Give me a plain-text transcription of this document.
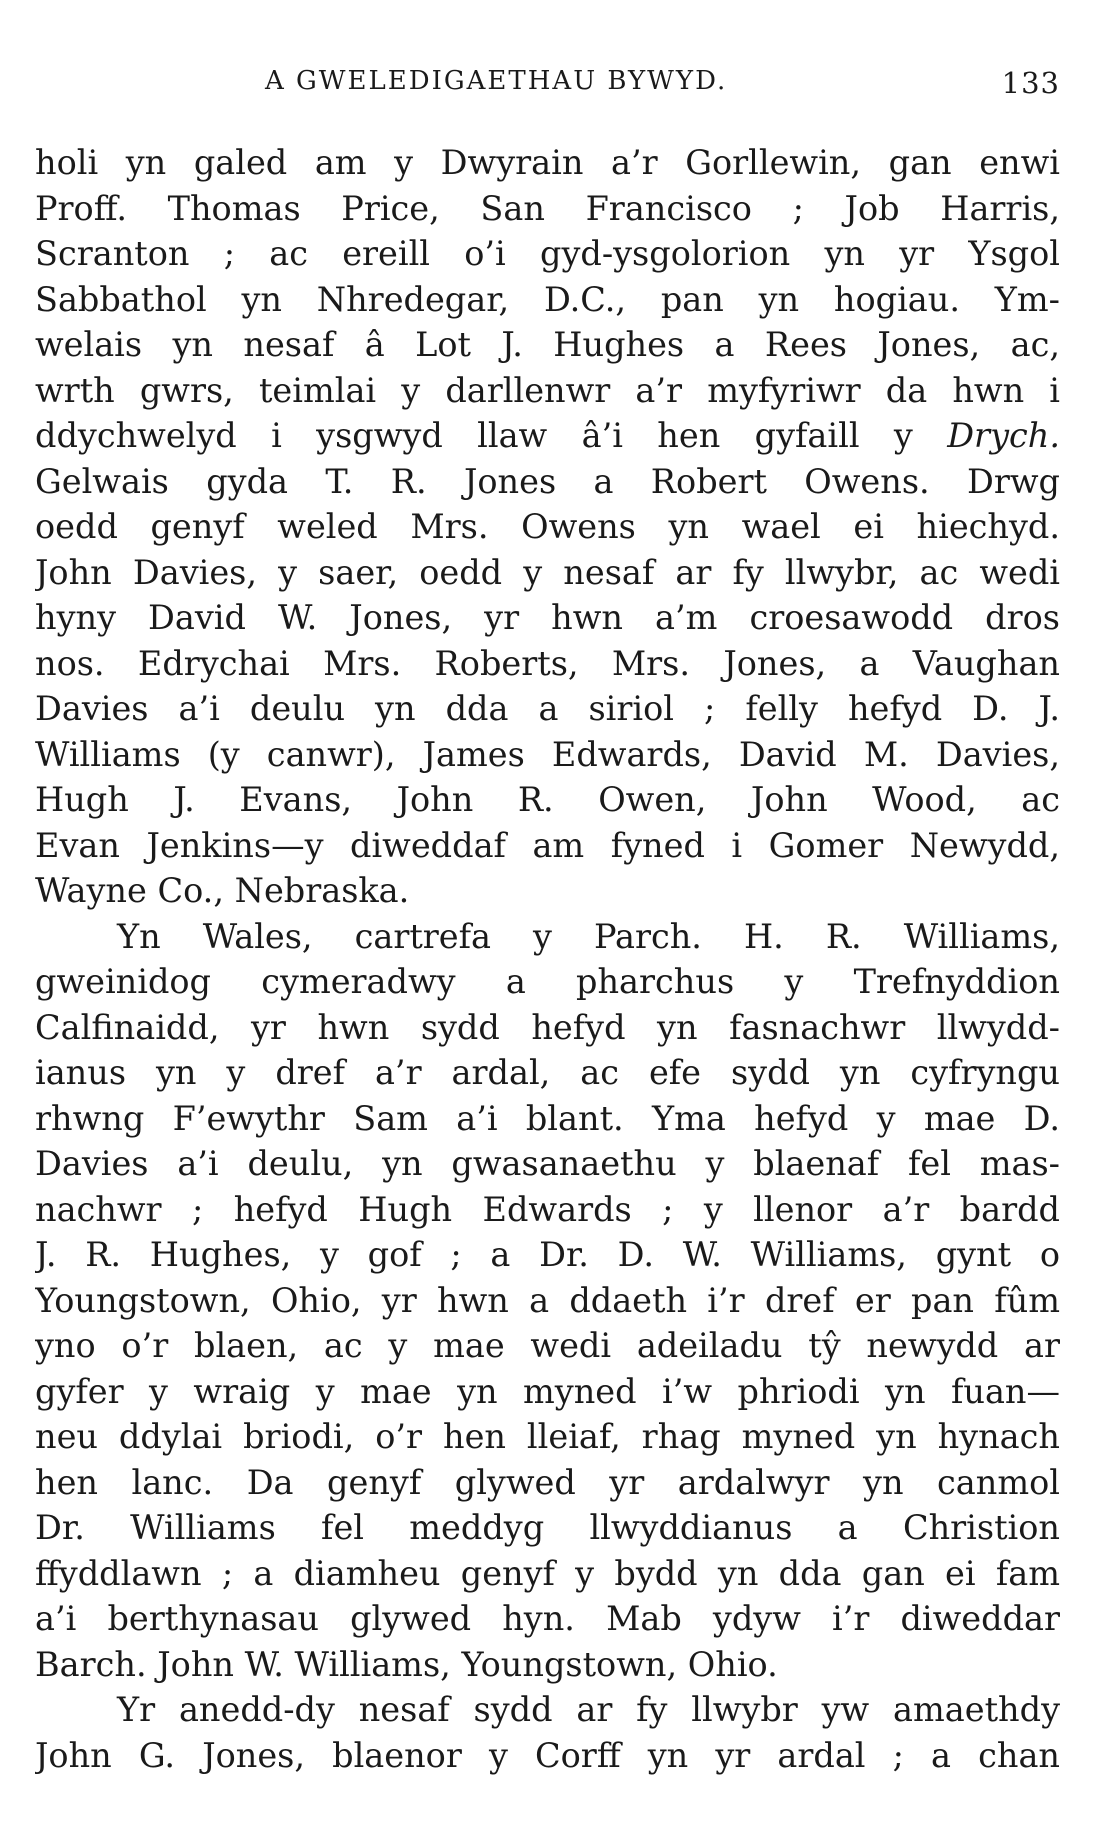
A GWELEDIGAETHAU BYWYD.	133
holi yn galed am y Dwyrain a’r Gorllewin, gan enwi
Proff. Thomas Price, San Francisco ; Job Harris,
Scranton ; ac ereill o’i gyd-ysgolorion yn yr Ysgol
Sabbathol yn Nhredegar, D.C., pan yn hogiau. Ym-
welais yn nesaf â Lot J. Hughes a Rees Jones, ac,
wrth gwrs, teimlai y darllenwr a’r myfyriwr da hwn i
ddychwelyd i ysgwyd llaw â’i hen gyfaill y Drych.
Gelwais gyda T. R. Jones a Robert Owens. Drwg
oedd genyf weled Mrs. Owens yn wael ei hiechyd.
John Davies, y saer, oedd y nesaf ar fy llwybr, ac wedi
hyny David W. Jones, yr hwn a’m croesawodd dros
nos. Edrychai Mrs. Roberts, Mrs. Jones, a Vaughan
Davies a’i deulu yn dda a siriol ; felly hefyd D. J.
Williams (y canwr), James Edwards, David M. Davies,
Hugh J. Evans, John R. Owen, John Wood, ac
Evan Jenkins—y diweddaf am fyned i Gomer Newydd,
Wayne Co., Nebraska.
Yn Wales, cartrefa y Parch. H. R. Williams,
gweinidog cymeradwy a pharchus y Trefnyddion
Calfinaidd, yr hwn sydd hefyd yn fasnachwr llwydd-
ianus yn y dref a’r ardal, ac efe sydd yn cyfryngu
rhwng F’ewythr Sam a’i blant. Yma hefyd y mae D.
Davies a’i deulu, yn gwasanaethu y blaenaf fel mas-
nachwr ; hefyd Hugh Edwards ; y llenor a’r bardd
J. R. Hughes, y gof ; a Dr. D. W. Williams, gynt o
Youngstown, Ohio, yr hwn a ddaeth i’r dref er pan fûm
yno o’r blaen, ac y mae wedi adeiladu tŷ newydd ar
gyfer y wraig y mae yn myned i’w phriodi yn fuan—
neu ddylai briodi, o’r hen lleiaf, rhag myned yn hynach
hen lanc. Da genyf glywed yr ardalwyr yn canmol
Dr. Williams fel meddyg llwyddianus a Christion
ffyddlawn ; a diamheu genyf y bydd yn dda gan ei fam
a’i berthynasau glywed hyn. Mab ydyw i’r diweddar
Barch. John W. Williams, Youngstown, Ohio.
Yr anedd-dy nesaf sydd ar fy llwybr yw amaethdy
John G. Jones, blaenor y Corff yn yr ardal ; a chan
